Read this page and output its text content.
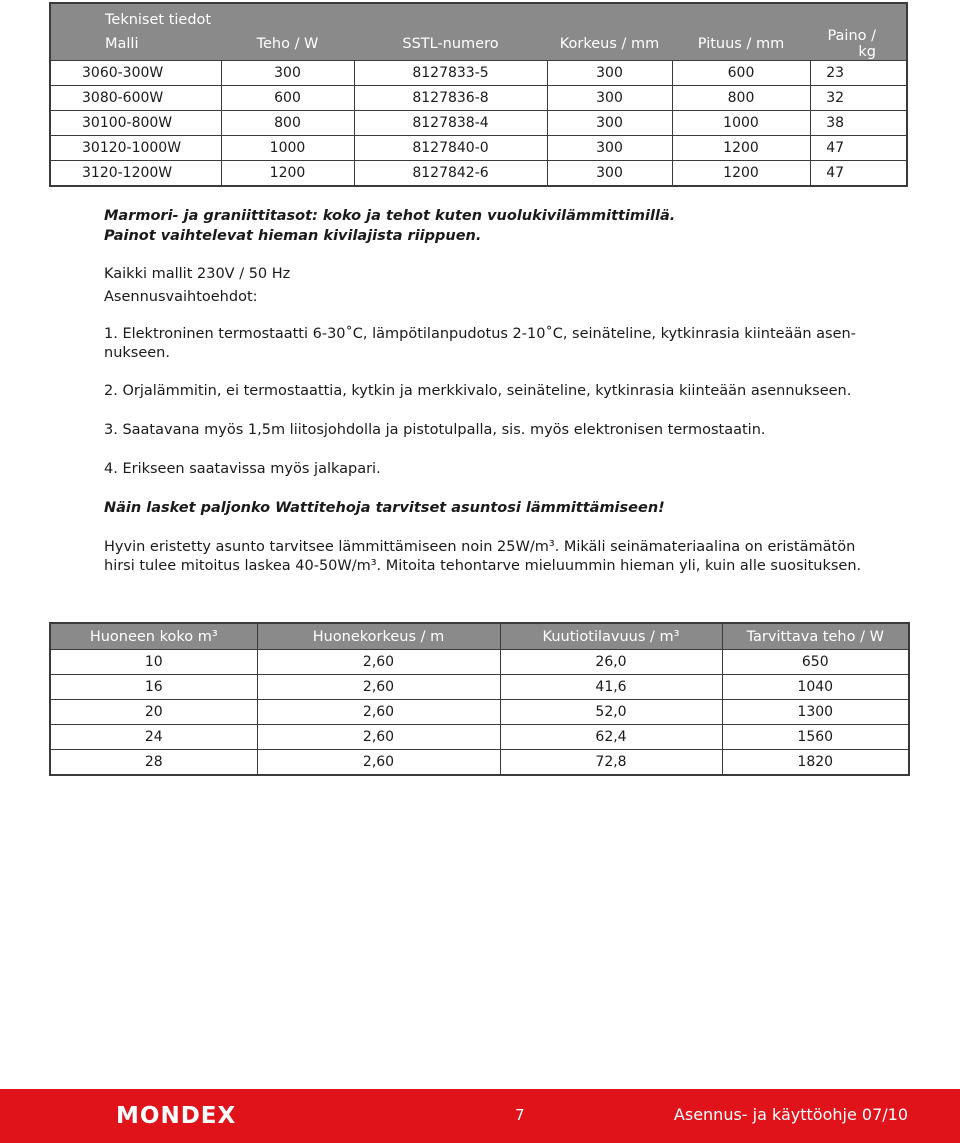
Tekniset tiedot					
Malli	Teho / W	SSTL-numero	Korkeus / mm	Pituus / mm	Paino / kg
3060-300W	300	8127833-5	300	600	23
3080-600W	600	8127836-8	300	800	32
30100-800W	800	8127838-4	300	1000	38
30120-1000W	1000	8127840-0	300	1200	47
3120-1200W	1200	8127842-6	300	1200	47
Marmori- ja graniittitasot: koko ja tehot kuten vuolukivilämmittimillä.
Painot vaihtelevat hieman kivilajista riippuen.
Kaikki mallit 230V / 50 Hz
Asennusvaihtoehdot:
1. Elektroninen termostaatti 6-30˚C, lämpötilanpudotus 2-10˚C, seinäteline, kytkinrasia kiinteään asen-
nukseen.
2. Orjalämmitin, ei termostaattia, kytkin ja merkkivalo, seinäteline, kytkinrasia kiinteään asennukseen.
3. Saatavana myös 1,5m liitosjohdolla ja pistotulpalla, sis. myös elektronisen termostaatin.
4. Erikseen saatavissa myös jalkapari.
Näin lasket paljonko Wattitehoja tarvitset asuntosi lämmittämiseen!
Hyvin eristetty asunto tarvitsee lämmittämiseen noin 25W/m³. Mikäli seinämateriaalina on eristämätön
hirsi tulee mitoitus laskea 40-50W/m³. Mitoita tehontarve mieluummin hieman yli, kuin alle suosituksen.
Huoneen koko m³	Huonekorkeus / m	Kuutiotilavuus / m³	Tarvittava teho / W
10	2,60	26,0	650
16	2,60	41,6	1040
20	2,60	52,0	1300
24	2,60	62,4	1560
28	2,60	72,8	1820
MONDEX	7	Asennus- ja käyttöohje 07/10
